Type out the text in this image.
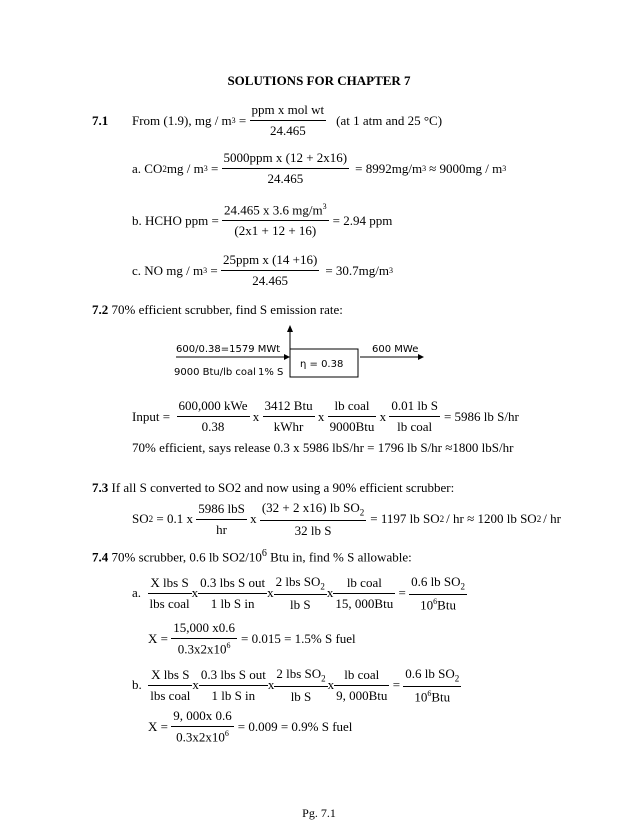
SOLUTIONS FOR CHAPTER 7
7.1	From (1.9), mg / m $3 = \frac{\text{ppm x mol wt}}{24.465} (at$ 1 atm and 25 °C)
a. CO 2 mg / m $3 = \frac{\text{5000ppm x (12 + 2x16)}}{24.465} = 8992mg/m$ 3 ≈ 9000mg / m 3
b. HCHO ppm =
$\frac{24.465 x 3.6 mg/m^3}{(2x1 + 12 + 16)} = 2.94$ ppm
c. NO mg / m $3 = \frac{\text{25ppm x (14 +16)}}{24.465} = 30.7mg/m$ 3
7.2 70% efficient scrubber, find S emission rate:
600/0.38=1579 MWt
9000 Btu/lb coal 1% S
η = 0.38
600 MWe
Input =
$\frac{\text{600,000 kWe}}{0.38}$ x $\frac{\text{3412 Btu}}{\text{kWhr}}$ x $\frac{\text{lb coal}}{\text{9000Btu}}$ x $\frac{\text{0.01 lb S}}{\text{lb coal}} = 5986$ lb S/hr
70% efficient, says release 0.3 x 5986 lbS/hr = 1796 lb S/hr ≈1800 lbS/hr
7.3 If all S converted to SO2 and now using a 90% efficient scrubber:
SO 2
= 0.1 x
$\frac{\text{5986 lbS}}{hr}$ x $\frac{(32 + 2 x16) lb SO_2}{\text{32 lb S}} = 1197$ lb SO 2 / hr ≈ 1200 lb SO 2 / hr
7.4 70% scrubber, 0.6 lb $SO2/10^6$ Btu in, find % S allowable:
a.
$\frac{\text{X lbs S}}{\text{lbs coal}}$ x $\frac{\text{0.3 lbs S out}}{\text{1 lb S in}}$ x $\frac{2 lbs SO_2}{\text{lb S}}$ x $\frac{\text{lb coal}}{\text{15, 000Btu}} = \frac{0.6 lb SO_2}{10^6Btu}$
X =
$\frac{15,000 x0.6}{0.3x2x10^6} = 0.015 = 1.5\%$ S fuel
b.
$\frac{\text{X lbs S}}{\text{lbs coal}}$ x $\frac{\text{0.3 lbs S out}}{\text{1 lb S in}}$ x $\frac{2 lbs SO_2}{\text{lb S}}$ x $\frac{\text{lb coal}}{\text{9, 000Btu}} = \frac{0.6 lb SO_2}{10^6Btu}$
X =
$\frac{9, 000x 0.6}{0.3x2x10^6} = 0.009 = 0.9\%$ S fuel
Pg. 7.1
